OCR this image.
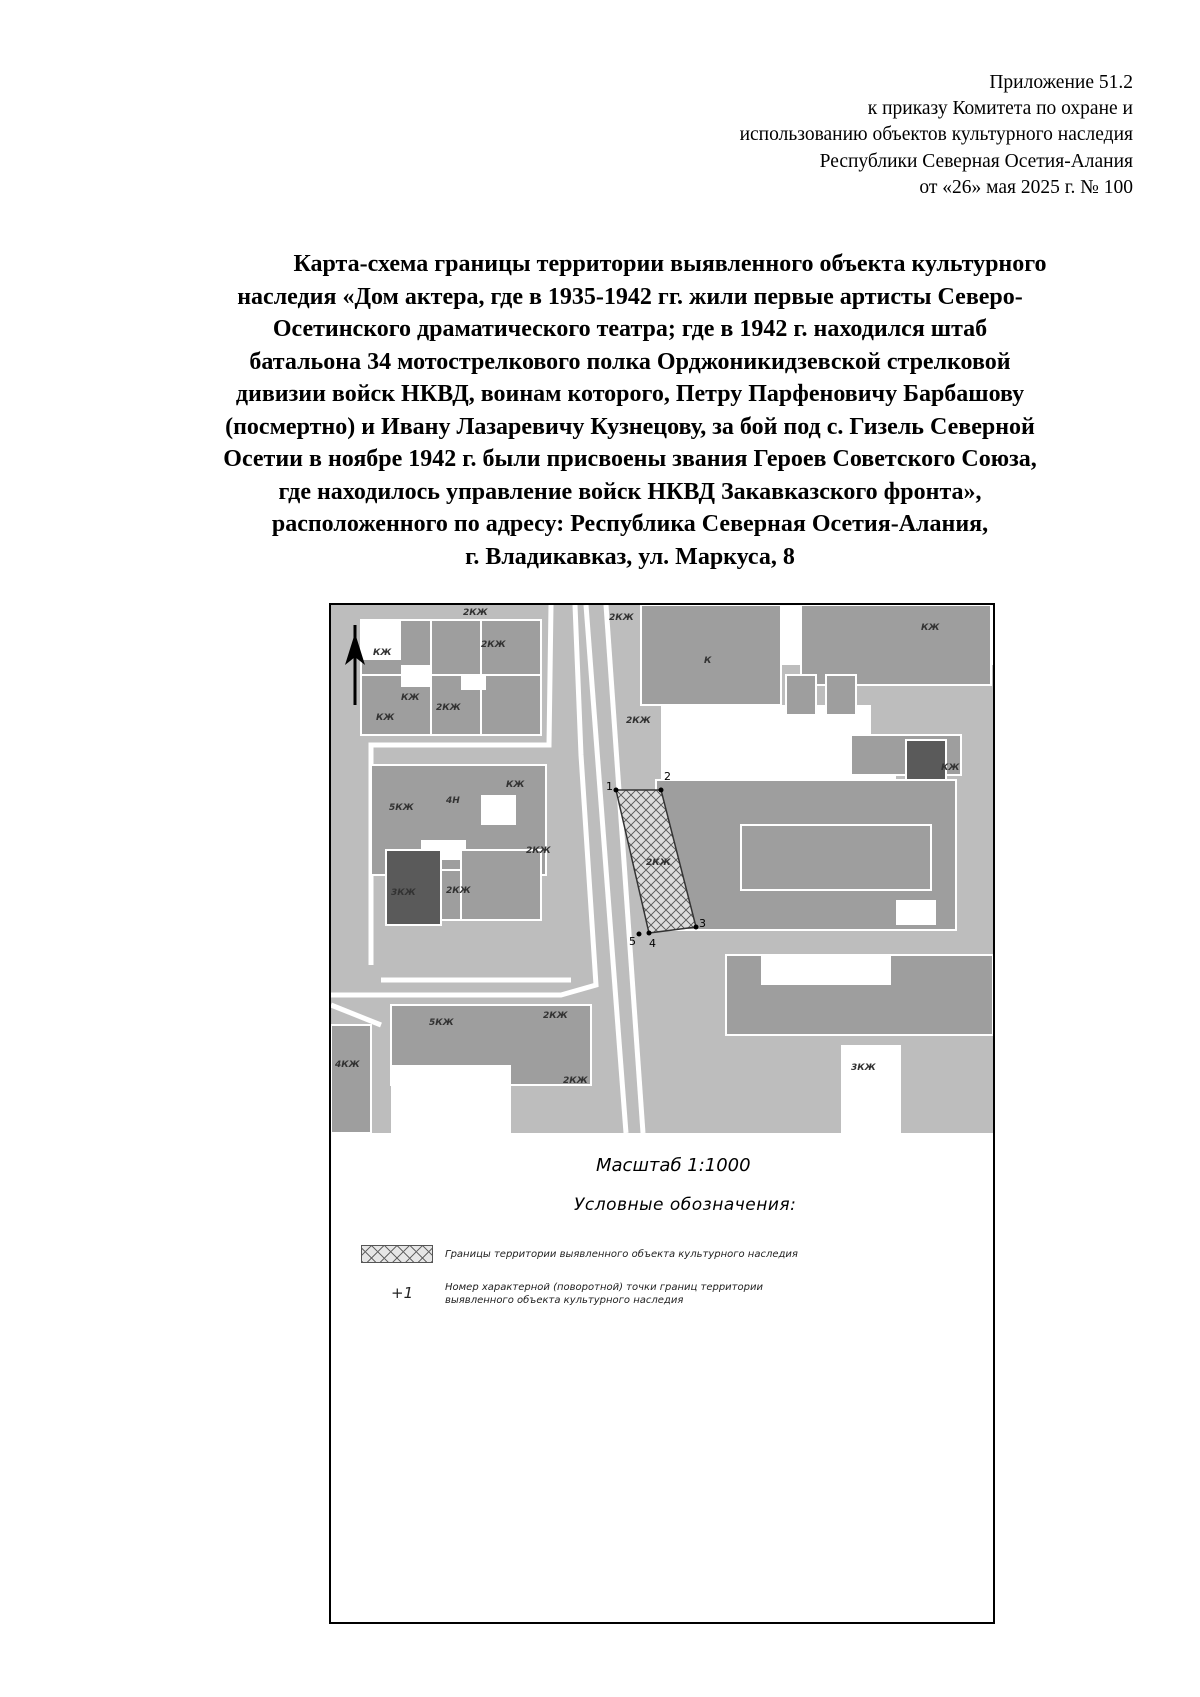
Приложение 51.2
к приказу Комитета по охране и
использованию объектов культурного наследия
Республики Северная Осетия-Алания
от «26» мая 2025 г. № 100
Карта-схема границы территории выявленного объекта культурного
наследия «Дом актера, где в 1935-1942 гг. жили первые артисты Северо-
Осетинского драматического театра; где в 1942 г. находился штаб
батальона 34 мотострелкового полка Орджоникидзевской стрелковой
дивизии войск НКВД, воинам которого, Петру Парфеновичу Барбашову
(посмертно) и Ивану Лазаревичу Кузнецову, за бой под с. Гизель Северной
Осетии в ноябре 1942 г. были присвоены звания Героев Советского Союза,
где находилось управление войск НКВД Закавказского фронта»,
расположенного по адресу: Республика Северная Осетия-Алания,
г. Владикавказ, ул. Маркуса, 8
2КЖ
КЖ
2КЖ
КЖ
2КЖ
КЖ
2КЖ
КЖ
К
2КЖ
КЖ
5КЖ
4Н
КЖ
2КЖ
2КЖ
3КЖ
2КЖ
5КЖ
2КЖ
2КЖ
4КЖ	3КЖ
1
2
3
4
5
Масштаб 1:1000
Условные обозначения:
Границы территории выявленного объекта культурного наследия
+1	Номер характерной (поворотной) точки границ территории
выявленного объекта культурного наследия
